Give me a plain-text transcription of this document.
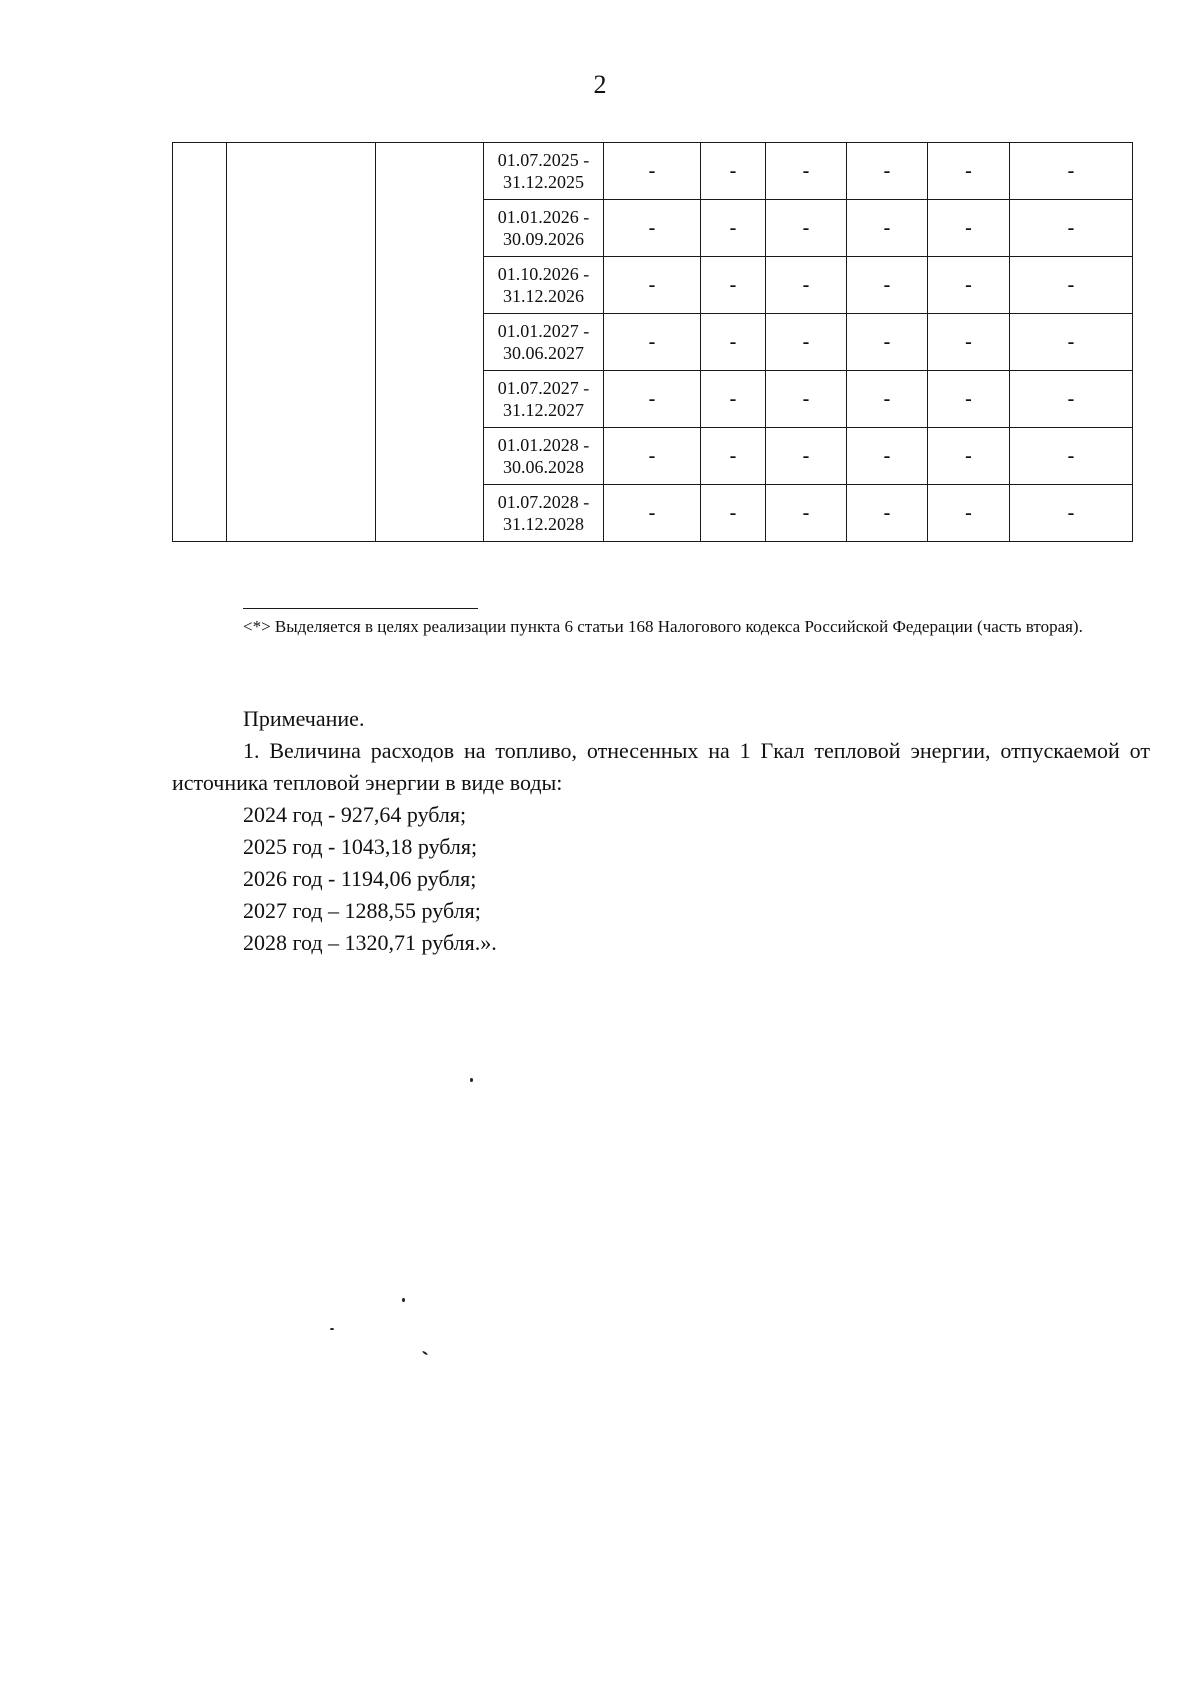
2

			01.07.2025 -
31.12.2025	-	-	-	-	-	-

			01.01.2026 -
30.09.2026	-	-	-	-	-	-

			01.10.2026 -
31.12.2026	-	-	-	-	-	-

			01.01.2027 -
30.06.2027	-	-	-	-	-	-

			01.07.2027 -
31.12.2027	-	-	-	-	-	-

			01.01.2028 -
30.06.2028	-	-	-	-	-	-

			01.07.2028 -
31.12.2028	-	-	-	-	-	-
<*> Выделяется в целях реализации пункта 6 статьи 168 Налогового кодекса Российской Федерации (часть вторая).

Примечание.

1. Величина расходов на топливо, отнесенных на 1 Гкал тепловой энергии, отпускаемой от источника тепловой энергии в виде воды:

2024 год - 927,64 рубля;

2025 год - 1043,18 рубля;

2026 год - 1194,06 рубля;

2027 год – 1288,55 рубля;

2028 год – 1320,71 рубля.».
